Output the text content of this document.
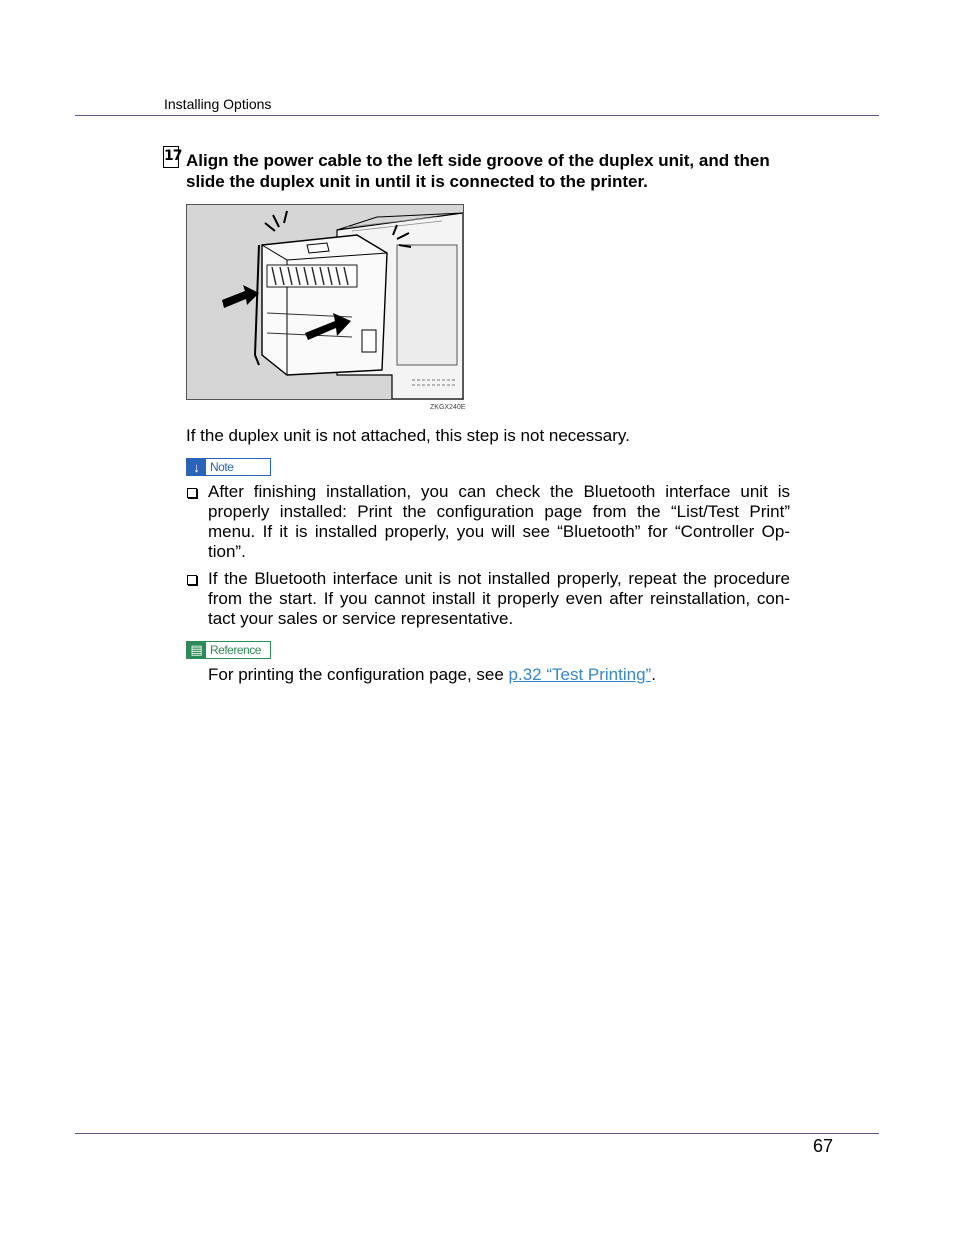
Installing Options
17 Align the power cable to the left side groove of the duplex unit, and then slide the duplex unit in until it is connected to the printer.
ZKGX240E
If the duplex unit is not attached, this step is not necessary.
↓ Note
After finishing installation, you can check the Bluetooth interface unit is properly installed: Print the configuration page from the “List/Test Print” menu. If it is installed properly, you will see “Bluetooth” for “Controller Op-tion”.
If the Bluetooth interface unit is not installed properly, repeat the procedure from the start. If you cannot install it properly even after reinstallation, con-tact your sales or service representative.
▤ Reference
For printing the configuration page, see p.32 “Test Printing”.
67
